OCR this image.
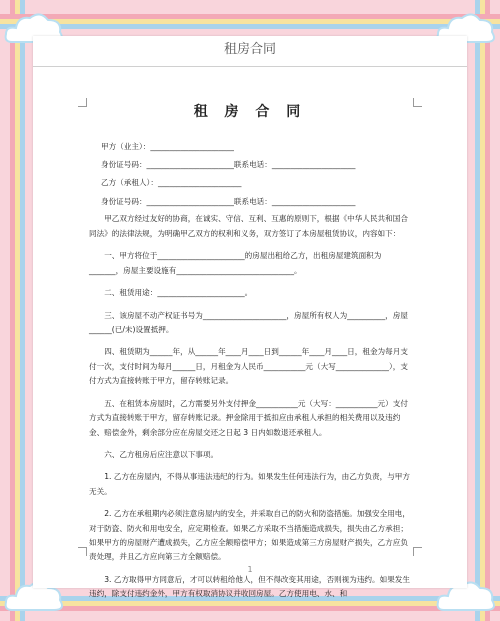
租房合同
租 房 合 同
甲方（业主）：______________________
身份证号码：_______________________联系电话：______________________
乙方（承租人）：______________________
身份证号码：_______________________联系电话：______________________

甲乙双方经过友好的协商，在诚实、守信、互利、互惠的原则下，根据《中华人民共和国合同法》的法律法规，为明确甲乙双方的权利和义务，双方签订了本房屋租赁协议，内容如下：

一、甲方将位于_______________________的房屋出租给乙方，出租房屋建筑面积为_______，房屋主要设施有_______________________________。

二、租赁用途：_______________________。

三、该房屋不动产权证书号为______________________，房屋所有权人为__________，房屋______(已/未)设置抵押。

四、租赁期为______年，从______年____月____日到______年____月____日，租金为每月支付一次，支付时间为每月______日，月租金为人民币___________元（大写______________），支付方式为直接转账于甲方，留存转账记录。

五、在租赁本房屋时，乙方需要另外支付押金___________元（大写：___________元）支付方式为直接转账于甲方，留存转账记录。押金除用于抵扣应由承租人承担的相关费用以及违约金、赔偿金外，剩余部分应在房屋交还之日起 3 日内如数退还承租人。

六、乙方租房后应注意以下事项。

1. 乙方在房屋内，不得从事违法违纪的行为。如果发生任何违法行为，由乙方负责，与甲方无关。

2. 乙方在承租期内必须注意房屋内的安全，并采取自己的防火和防盗措施。加强安全用电，对于防盗、防火和用电安全，应定期检查。如果乙方采取不当措施造成损失，损失由乙方承担；如果甲方的房屋财产遭成损失，乙方应全额赔偿甲方；如果造成第三方房屋财产损失，乙方应负责处理，并且乙方应向第三方全额赔偿。

3. 乙方取得甲方同意后，才可以转租给他人，但不得改变其用途，否则视为违约。如果发生违约，除支付违约金外，甲方有权取消协议并收回房屋。乙方使用电、水、和

1
